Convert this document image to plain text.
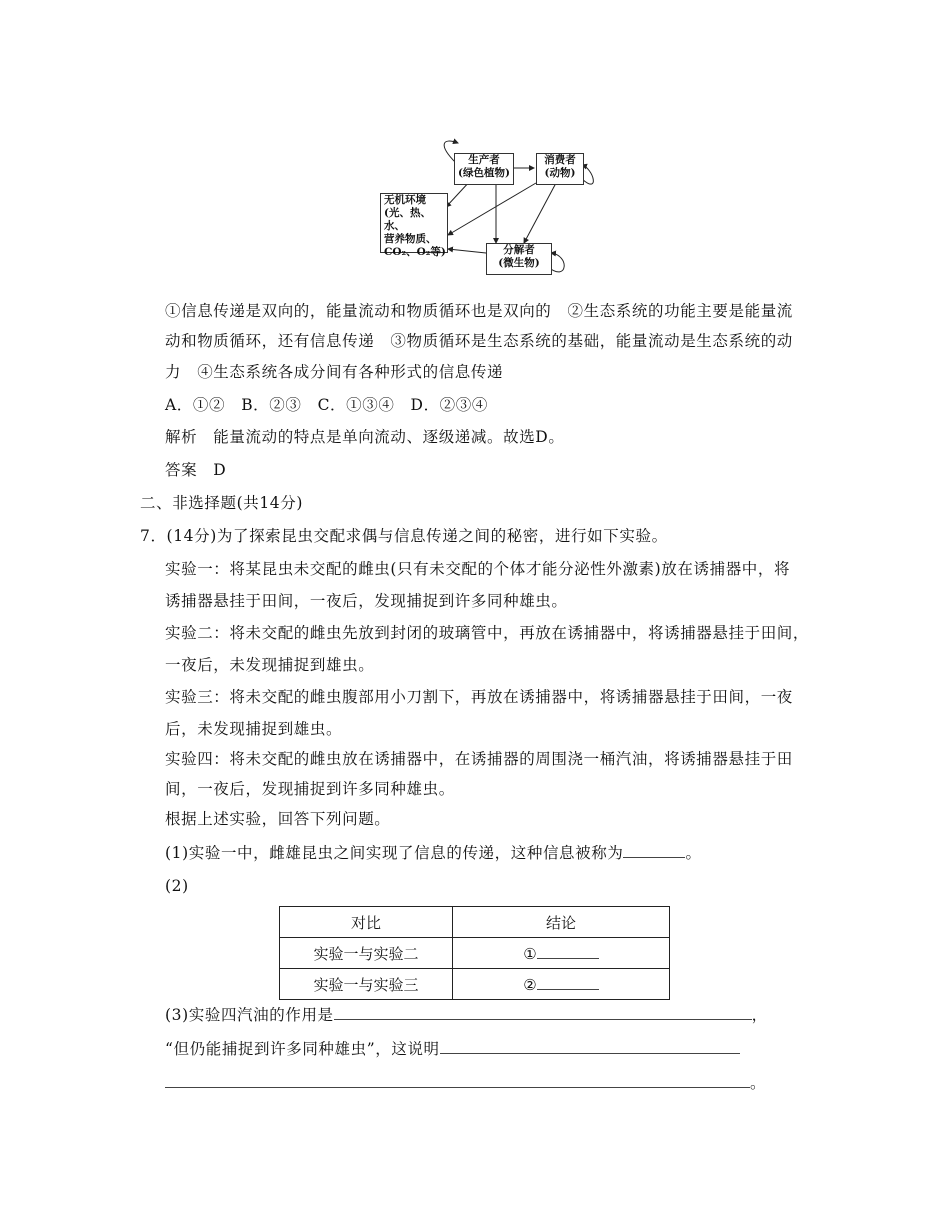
生产者
(绿色植物)
消费者
(动物)
无机环境
(光、热、水、
营养物质、
CO₂、O₂等)	分解者
(微生物)
①信息传递是双向的，能量流动和物质循环也是双向的　②生态系统的功能主要是能量流
动和物质循环，还有信息传递　③物质循环是生态系统的基础，能量流动是生态系统的动
力　④生态系统各成分间有各种形式的信息传递
A．①②　B．②③　C．①③④　D．②③④
解析　能量流动的特点是单向流动、逐级递减。故选D。
答案　D
二、非选择题(共14分)
7．(14分)为了探索昆虫交配求偶与信息传递之间的秘密，进行如下实验。
实验一：将某昆虫未交配的雌虫(只有未交配的个体才能分泌性外激素)放在诱捕器中，将
诱捕器悬挂于田间，一夜后，发现捕捉到许多同种雄虫。
实验二：将未交配的雌虫先放到封闭的玻璃管中，再放在诱捕器中，将诱捕器悬挂于田间，
一夜后，未发现捕捉到雄虫。
实验三：将未交配的雌虫腹部用小刀割下，再放在诱捕器中，将诱捕器悬挂于田间，一夜
后，未发现捕捉到雄虫。
实验四：将未交配的雌虫放在诱捕器中，在诱捕器的周围浇一桶汽油，将诱捕器悬挂于田
间，一夜后，发现捕捉到许多同种雄虫。
根据上述实验，回答下列问题。
(1)实验一中，雌雄昆虫之间实现了信息的传递，这种信息被称为	。
(2)
对比	结论
实验一与实验二	①
实验一与实验三	②
(3)实验四汽油的作用是	，
“但仍能捕捉到许多同种雄虫”，这说明
。
